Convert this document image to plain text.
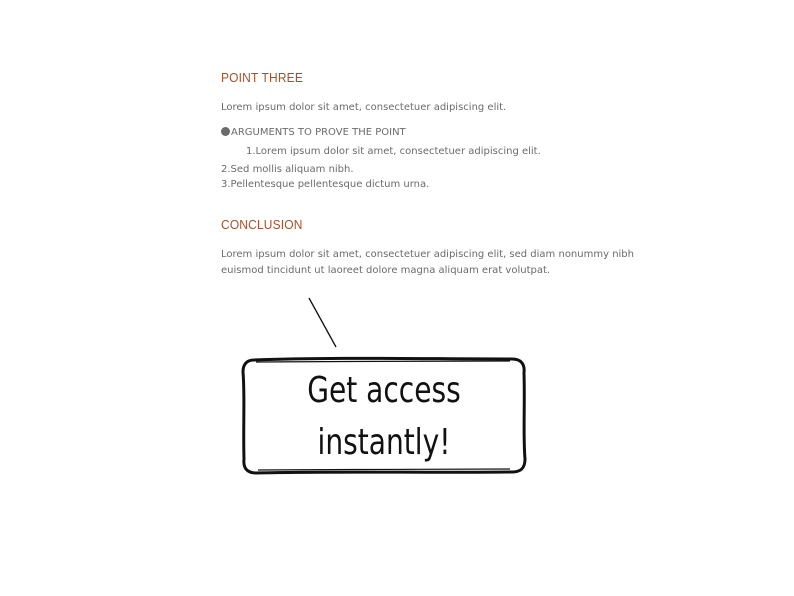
POINT THREE
Lorem ipsum dolor sit amet, consectetuer adipiscing elit.
ARGUMENTS TO PROVE THE POINT
1.Lorem ipsum dolor sit amet, consectetuer adipiscing elit.
2.Sed mollis aliquam nibh.
3.Pellentesque pellentesque dictum urna.
CONCLUSION
Lorem ipsum dolor sit amet, consectetuer adipiscing elit, sed diam nonummy nibh euismod tincidunt ut laoreet dolore magna aliquam erat volutpat.
Get access instantly!
